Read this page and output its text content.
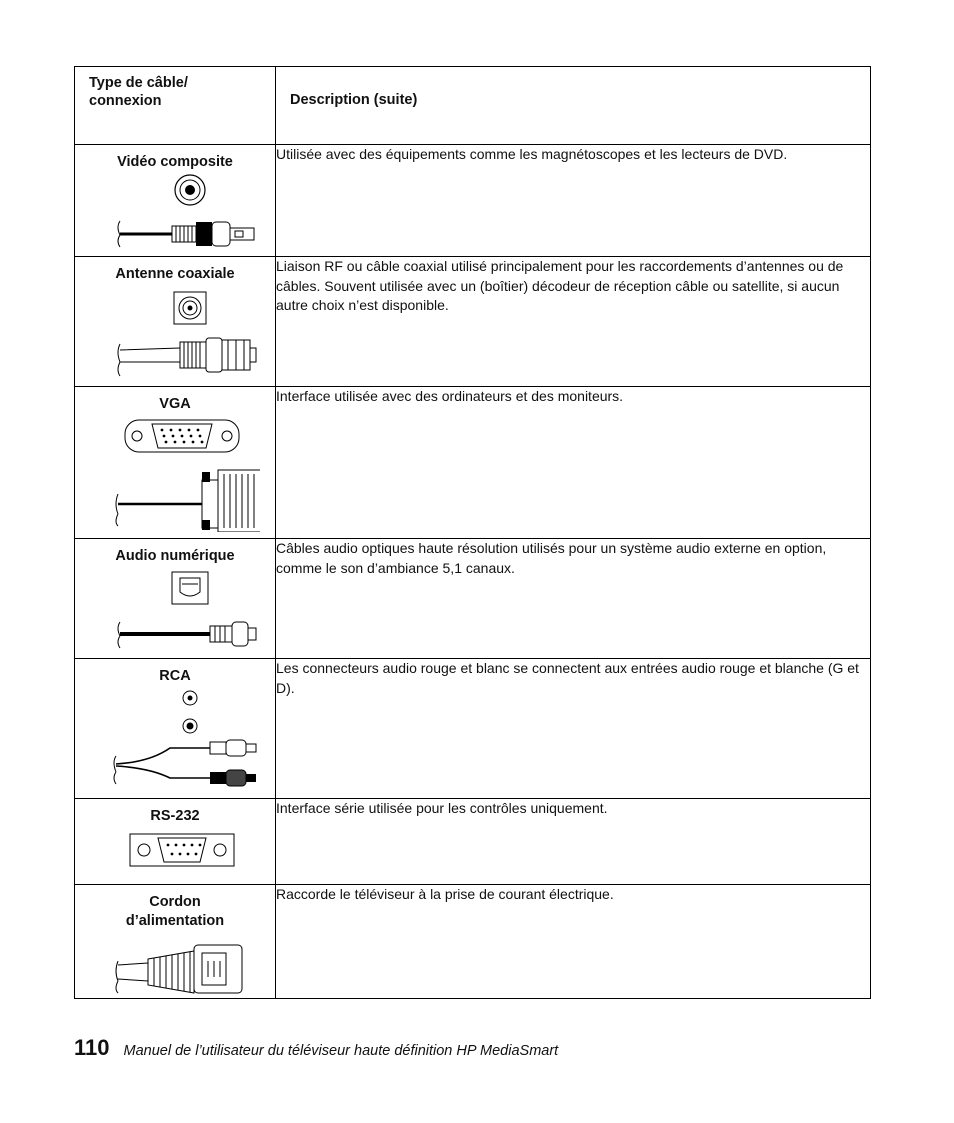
Type de câble/
connexion	Description (suite)

Vidéo composite	Utilisée avec des équipements comme les magnétoscopes et les lecteurs de DVD.

Antenne coaxiale	Liaison RF ou câble coaxial utilisé principalement pour les raccordements d’antennes ou de câbles. Souvent utilisée avec un (boîtier) décodeur de réception câble ou satellite, si aucun autre choix n’est disponible.

VGA	Interface utilisée avec des ordinateurs et des moniteurs.

Audio numérique	Câbles audio optiques haute résolution utilisés pour un système audio externe en option, comme le son d’ambiance 5,1 canaux.

RCA	Les connecteurs audio rouge et blanc se connectent aux entrées audio rouge et blanche (G et D).

RS-232	Interface série utilisée pour les contrôles uniquement.

Cordon
d’alimentation	Raccorde le téléviseur à la prise de courant électrique.
110 Manuel de l’utilisateur du téléviseur haute définition HP MediaSmart
